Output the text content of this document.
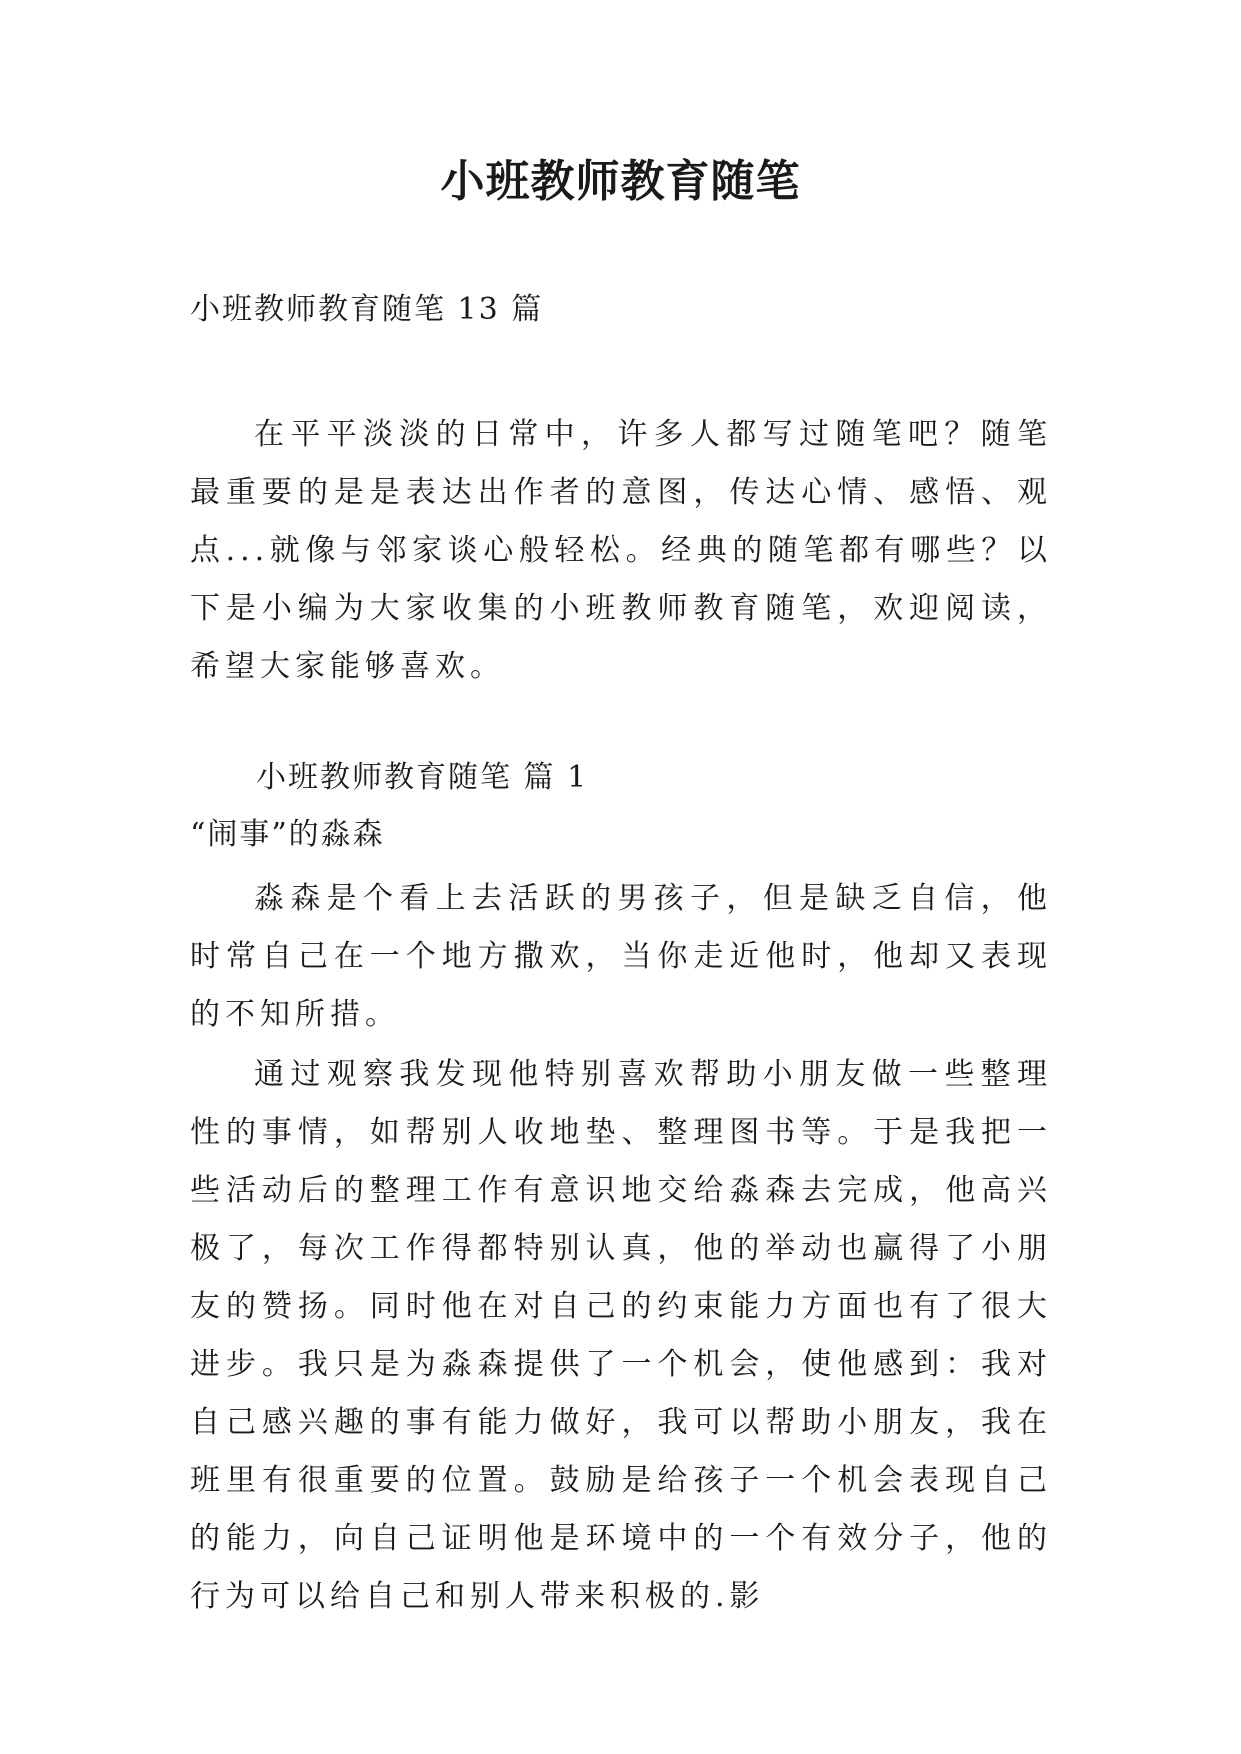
小班教师教育随笔
小班教师教育随笔 13 篇
在平平淡淡的日常中，许多人都写过随笔吧？随笔最重要的是是表达出作者的意图，传达心情、感悟、观点...就像与邻家谈心般轻松。经典的随笔都有哪些？以下是小编为大家收集的小班教师教育随笔，欢迎阅读，希望大家能够喜欢。
小班教师教育随笔 篇 1
“闹事”的淼森
淼森是个看上去活跃的男孩子，但是缺乏自信，他时常自己在一个地方撒欢，当你走近他时，他却又表现的不知所措。
通过观察我发现他特别喜欢帮助小朋友做一些整理性的事情，如帮别人收地垫、整理图书等。于是我把一些活动后的整理工作有意识地交给淼森去完成，他高兴极了，每次工作得都特别认真，他的举动也赢得了小朋友的赞扬。同时他在对自己的约束能力方面也有了很大进步。我只是为淼森提供了一个机会，使他感到：我对自己感兴趣的事有能力做好，我可以帮助小朋友，我在班里有很重要的位置。鼓励是给孩子一个机会表现自己的能力，向自己证明他是环境中的一个有效分子，他的行为可以给自己和别人带来积极的.影
